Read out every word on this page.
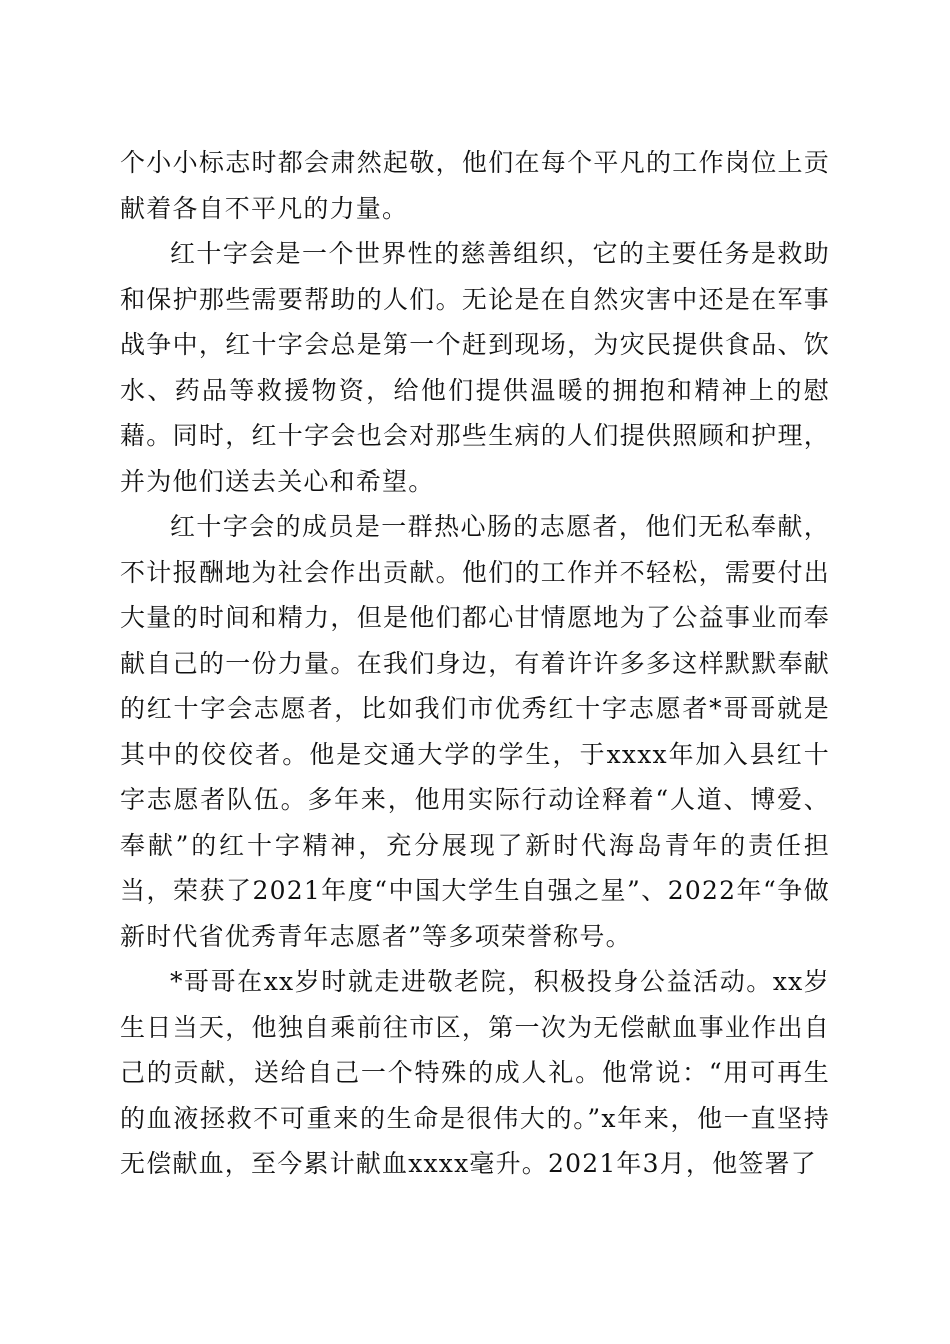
个小小标志时都会肃然起敬，他们在每个平凡的工作岗位上贡献着各自不平凡的力量。

红十字会是一个世界性的慈善组织，它的主要任务是救助和保护那些需要帮助的人们。无论是在自然灾害中还是在军事战争中，红十字会总是第一个赶到现场，为灾民提供食品、饮水、药品等救援物资，给他们提供温暖的拥抱和精神上的慰藉。同时，红十字会也会对那些生病的人们提供照顾和护理，并为他们送去关心和希望。

红十字会的成员是一群热心肠的志愿者，他们无私奉献，不计报酬地为社会作出贡献。他们的工作并不轻松，需要付出大量的时间和精力，但是他们都心甘情愿地为了公益事业而奉献自己的一份力量。在我们身边，有着许许多多这样默默奉献的红十字会志愿者，比如我们市优秀红十字志愿者*哥哥就是其中的佼佼者。他是交通大学的学生，于xxxx年加入县红十字志愿者队伍。多年来，他用实际行动诠释着“人道、博爱、奉献”的红十字精神，充分展现了新时代海岛青年的责任担当，荣获了2021年度“中国大学生自强之星”、2022年“争做新时代省优秀青年志愿者”等多项荣誉称号。

*哥哥在xx岁时就走进敬老院，积极投身公益活动。xx岁生日当天，他独自乘前往市区，第一次为无偿献血事业作出自己的贡献，送给自己一个特殊的成人礼。他常说：“用可再生的血液拯救不可重来的生命是很伟大的。”x年来，他一直坚持无偿献血，至今累计献血xxxx毫升。2021年3月，他签署了
